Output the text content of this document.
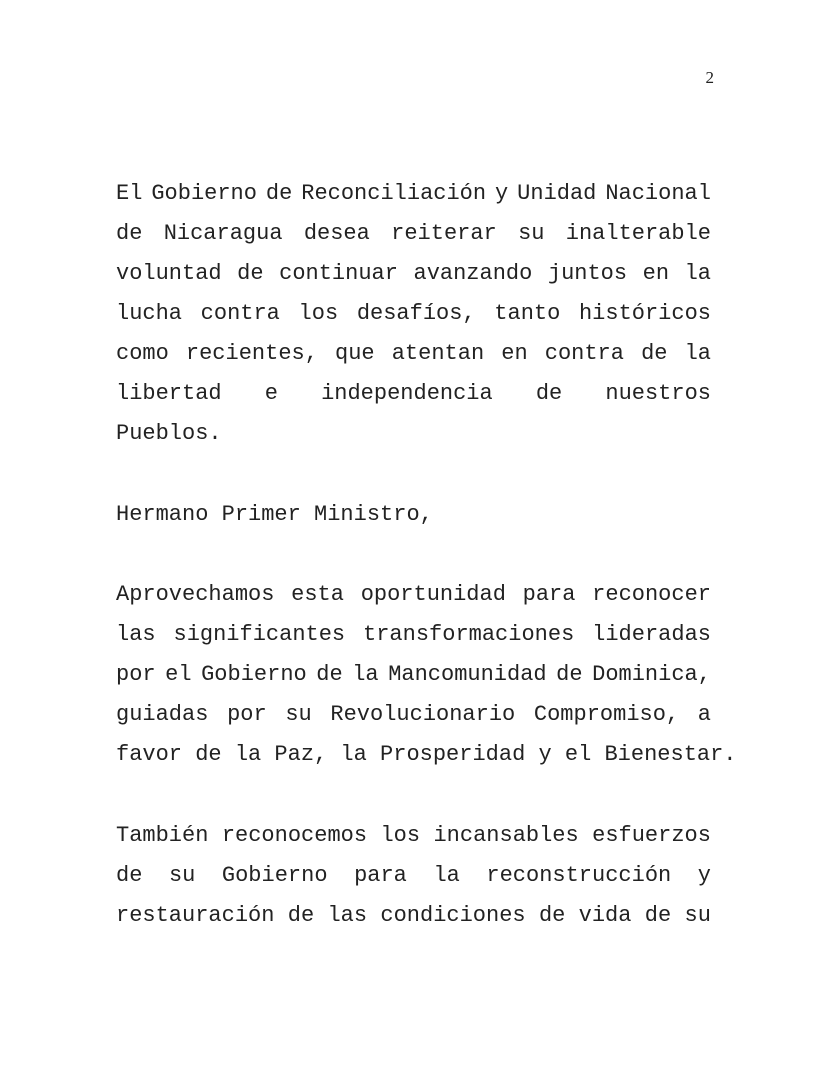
2
El Gobierno de Reconciliación y Unidad Nacional
de Nicaragua desea reiterar su inalterable
voluntad de continuar avanzando juntos en la
lucha contra los desafíos, tanto históricos
como recientes, que atentan en contra de la
libertad e independencia de nuestros
Pueblos.
Hermano Primer Ministro,
Aprovechamos esta oportunidad para reconocer
las significantes transformaciones lideradas
por el Gobierno de la Mancomunidad de Dominica,
guiadas por su Revolucionario Compromiso, a
favor de la Paz, la Prosperidad y el Bienestar.
También reconocemos los incansables esfuerzos
de su Gobierno para la reconstrucción y
restauración de las condiciones de vida de su
